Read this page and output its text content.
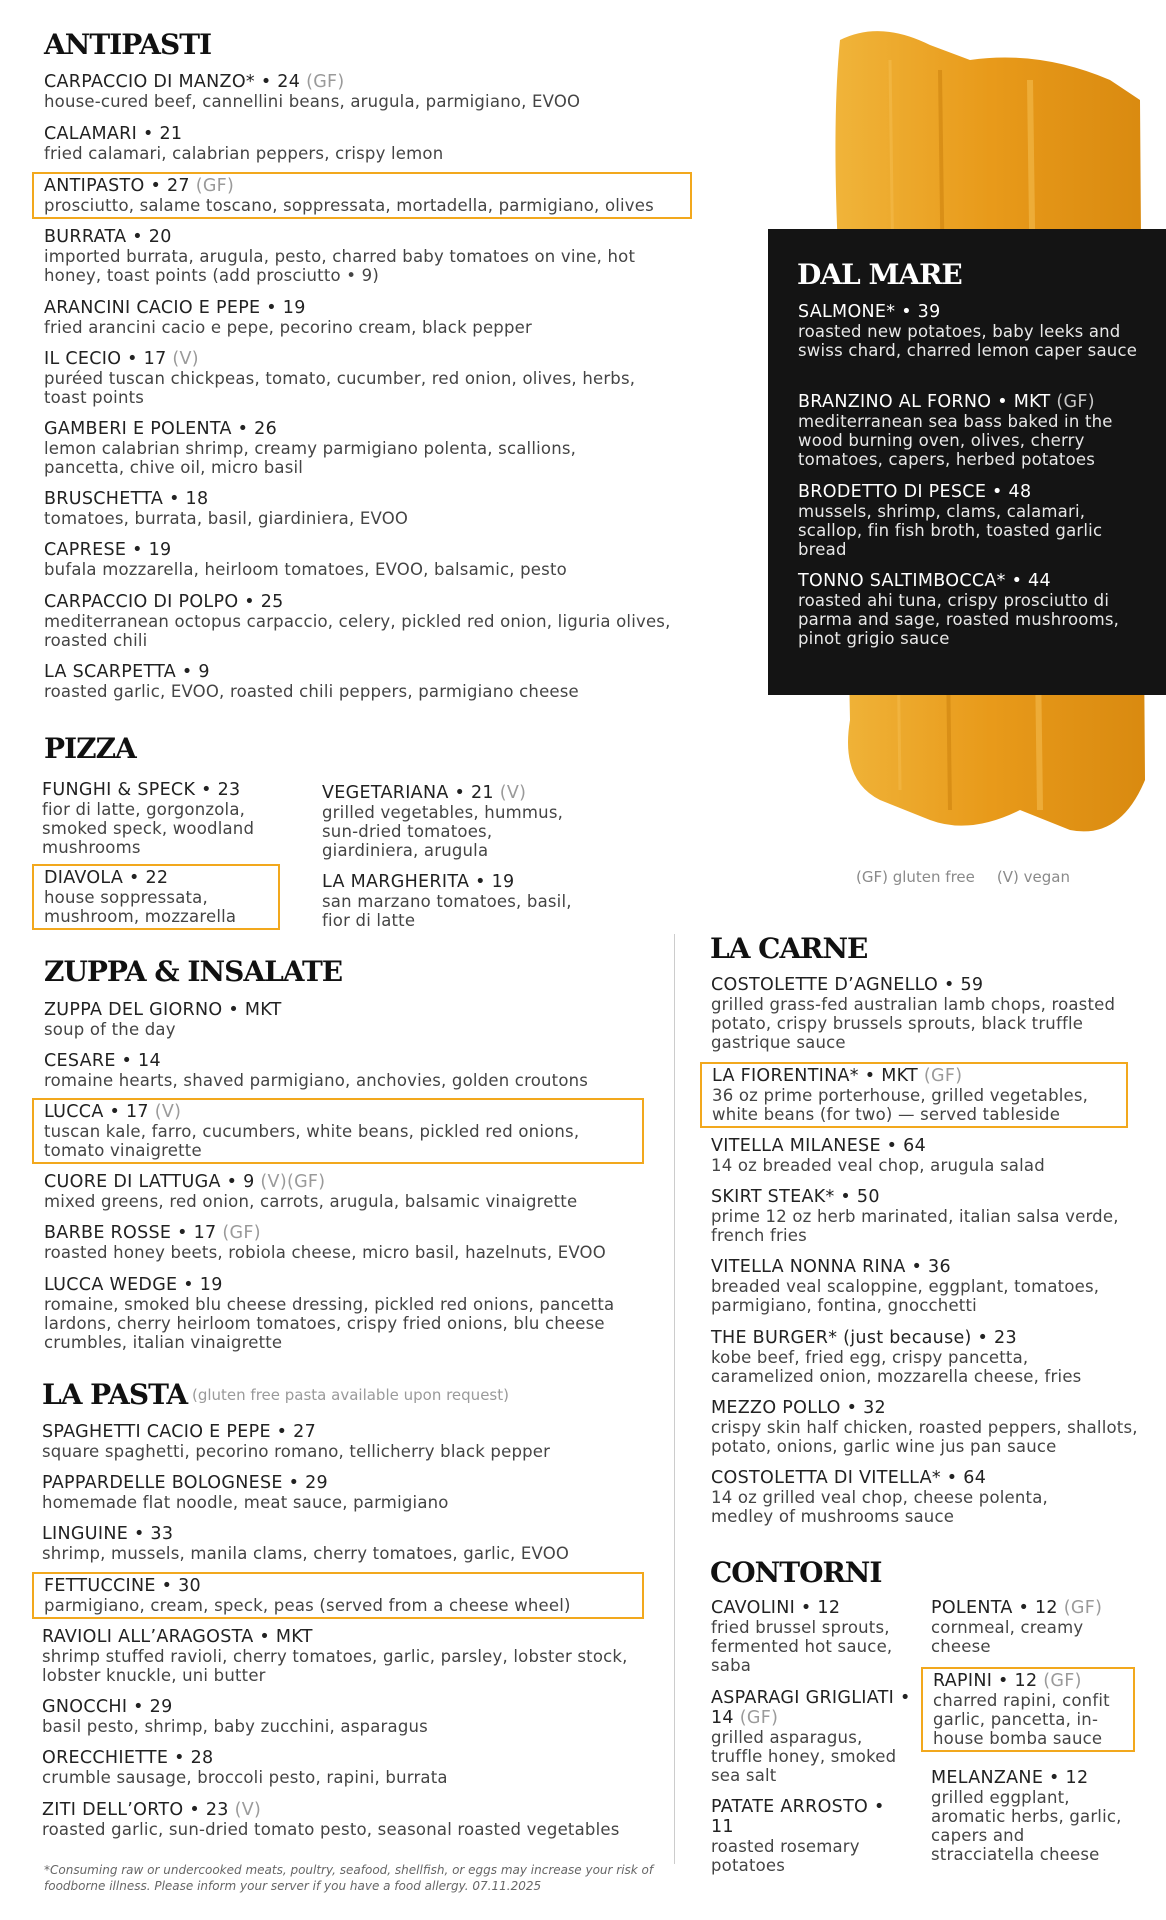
ANTIPASTI
CARPACCIO DI MANZO* • 24 (GF)
house-cured beef, cannellini beans, arugula, parmigiano, EVOO
CALAMARI • 21
fried calamari, calabrian peppers, crispy lemon
ANTIPASTO • 27 (GF)
prosciutto, salame toscano, soppressata, mortadella, parmigiano, olives
BURRATA • 20
imported burrata, arugula, pesto, charred baby tomatoes on vine, hot honey, toast points (add prosciutto • 9)
ARANCINI CACIO E PEPE • 19
fried arancini cacio e pepe, pecorino cream, black pepper
IL CECIO • 17 (V)
puréed tuscan chickpeas, tomato, cucumber, red onion, olives, herbs, toast points
GAMBERI E POLENTA • 26
lemon calabrian shrimp, creamy parmigiano polenta, scallions, pancetta, chive oil, micro basil
BRUSCHETTA • 18
tomatoes, burrata, basil, giardiniera, EVOO
CAPRESE • 19
bufala mozzarella, heirloom tomatoes, EVOO, balsamic, pesto
CARPACCIO DI POLPO • 25
mediterranean octopus carpaccio, celery, pickled red onion, liguria olives, roasted chili
LA SCARPETTA • 9
roasted garlic, EVOO, roasted chili peppers, parmigiano cheese
DAL MARE
SALMONE* • 39
roasted new potatoes, baby leeks and swiss chard, charred lemon caper sauce
BRANZINO AL FORNO • MKT (GF)
mediterranean sea bass baked in the wood burning oven, olives, cherry tomatoes, capers, herbed potatoes
BRODETTO DI PESCE • 48
mussels, shrimp, clams, calamari, scallop, fin fish broth, toasted garlic bread
TONNO SALTIMBOCCA* • 44
roasted ahi tuna, crispy prosciutto di parma and sage, roasted mushrooms, pinot grigio sauce
(GF) gluten free (V) vegan
PIZZA
FUNGHI & SPECK • 23
fior di latte, gorgonzola, smoked speck, woodland mushrooms
DIAVOLA • 22
house soppressata, mushroom, mozzarella
VEGETARIANA • 21 (V)
grilled vegetables, hummus, sun-dried tomatoes, giardiniera, arugula
LA MARGHERITA • 19
san marzano tomatoes, basil, fior di latte
ZUPPA & INSALATE
ZUPPA DEL GIORNO • MKT
soup of the day
CESARE • 14
romaine hearts, shaved parmigiano, anchovies, golden croutons
LUCCA • 17 (V)
tuscan kale, farro, cucumbers, white beans, pickled red onions, tomato vinaigrette
CUORE DI LATTUGA • 9 (V)(GF)
mixed greens, red onion, carrots, arugula, balsamic vinaigrette
BARBE ROSSE • 17 (GF)
roasted honey beets, robiola cheese, micro basil, hazelnuts, EVOO
LUCCA WEDGE • 19
romaine, smoked blu cheese dressing, pickled red onions, pancetta lardons, cherry heirloom tomatoes, crispy fried onions, blu cheese crumbles, italian vinaigrette
LA PASTA (gluten free pasta available upon request)
SPAGHETTI CACIO E PEPE • 27
square spaghetti, pecorino romano, tellicherry black pepper
PAPPARDELLE BOLOGNESE • 29
homemade flat noodle, meat sauce, parmigiano
LINGUINE • 33
shrimp, mussels, manila clams, cherry tomatoes, garlic, EVOO
FETTUCCINE • 30
parmigiano, cream, speck, peas (served from a cheese wheel)
RAVIOLI ALL’ARAGOSTA • MKT
shrimp stuffed ravioli, cherry tomatoes, garlic, parsley, lobster stock, lobster knuckle, uni butter
GNOCCHI • 29
basil pesto, shrimp, baby zucchini, asparagus
ORECCHIETTE • 28
crumble sausage, broccoli pesto, rapini, burrata
ZITI DELL’ORTO • 23 (V)
roasted garlic, sun-dried tomato pesto, seasonal roasted vegetables
*Consuming raw or undercooked meats, poultry, seafood, shellfish, or eggs may increase your risk of foodborne illness. Please inform your server if you have a food allergy. 07.11.2025
LA CARNE
COSTOLETTE D’AGNELLO • 59
grilled grass-fed australian lamb chops, roasted potato, crispy brussels sprouts, black truffle gastrique sauce
LA FIORENTINA* • MKT (GF)
36 oz prime porterhouse, grilled vegetables, white beans (for two) — served tableside
VITELLA MILANESE • 64
14 oz breaded veal chop, arugula salad
SKIRT STEAK* • 50
prime 12 oz herb marinated, italian salsa verde, french fries
VITELLA NONNA RINA • 36
breaded veal scaloppine, eggplant, tomatoes, parmigiano, fontina, gnocchetti
THE BURGER* (just because) • 23
kobe beef, fried egg, crispy pancetta, caramelized onion, mozzarella cheese, fries
MEZZO POLLO • 32
crispy skin half chicken, roasted peppers, shallots, potato, onions, garlic wine jus pan sauce
COSTOLETTA DI VITELLA* • 64
14 oz grilled veal chop, cheese polenta, medley of mushrooms sauce
CONTORNI
CAVOLINI • 12
fried brussel sprouts, fermented hot sauce, saba
ASPARAGI GRIGLIATI • 14 (GF)
grilled asparagus, truffle honey, smoked sea salt
PATATE ARROSTO • 11
roasted rosemary potatoes
POLENTA • 12 (GF)
cornmeal, creamy cheese
RAPINI • 12 (GF)
charred rapini, confit garlic, pancetta, in-house bomba sauce
MELANZANE • 12
grilled eggplant, aromatic herbs, garlic, capers and stracciatella cheese
